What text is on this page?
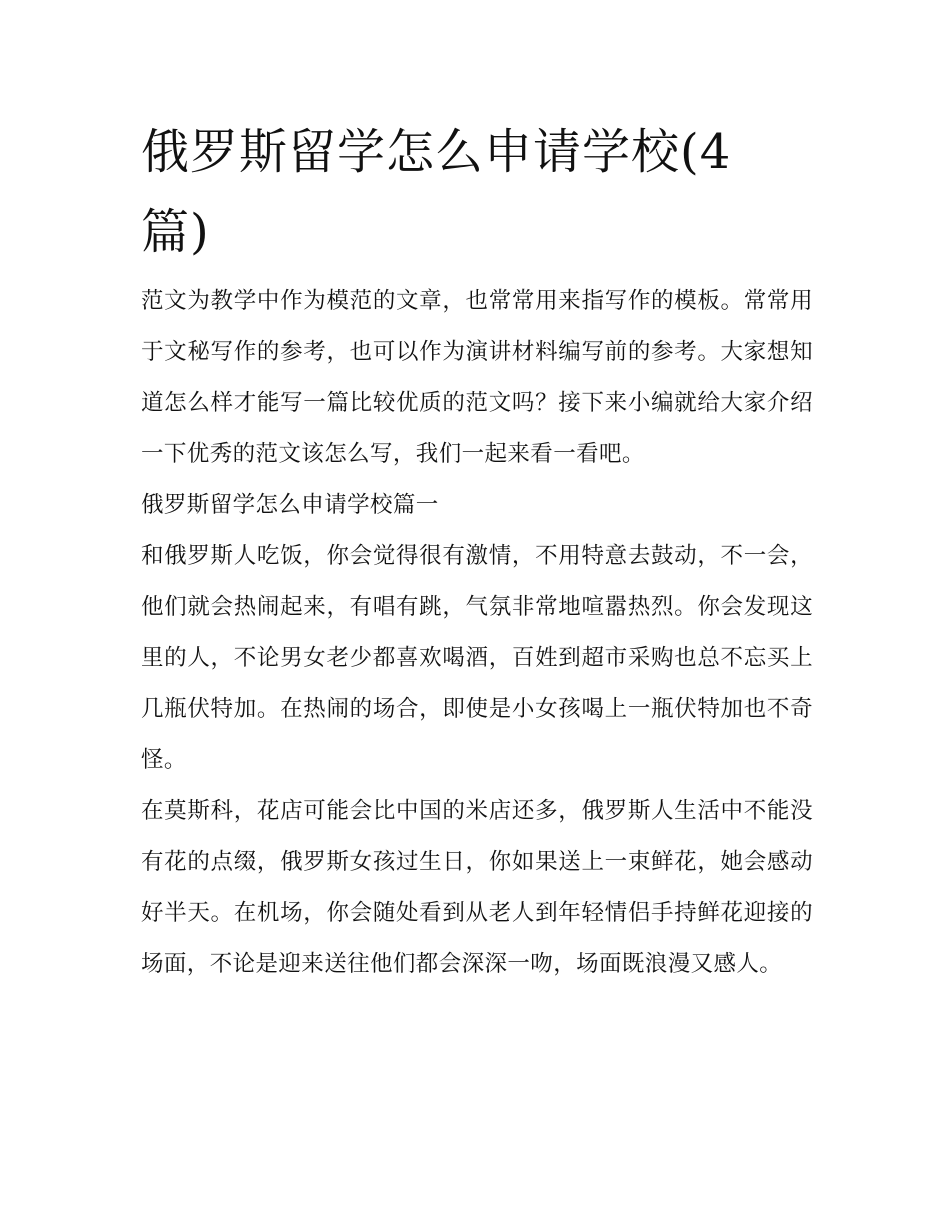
俄罗斯留学怎么申请学校(4篇)

范文为教学中作为模范的文章，也常常用来指写作的模板。常常用于文秘写作的参考，也可以作为演讲材料编写前的参考。大家想知道怎么样才能写一篇比较优质的范文吗？接下来小编就给大家介绍一下优秀的范文该怎么写，我们一起来看一看吧。

俄罗斯留学怎么申请学校篇一

和俄罗斯人吃饭，你会觉得很有激情，不用特意去鼓动，不一会，他们就会热闹起来，有唱有跳，气氛非常地喧嚣热烈。你会发现这里的人，不论男女老少都喜欢喝酒，百姓到超市采购也总不忘买上几瓶伏特加。在热闹的场合，即使是小女孩喝上一瓶伏特加也不奇怪。

在莫斯科，花店可能会比中国的米店还多，俄罗斯人生活中不能没有花的点缀，俄罗斯女孩过生日，你如果送上一束鲜花，她会感动好半天。在机场，你会随处看到从老人到年轻情侣手持鲜花迎接的场面，不论是迎来送往他们都会深深一吻，场面既浪漫又感人。
